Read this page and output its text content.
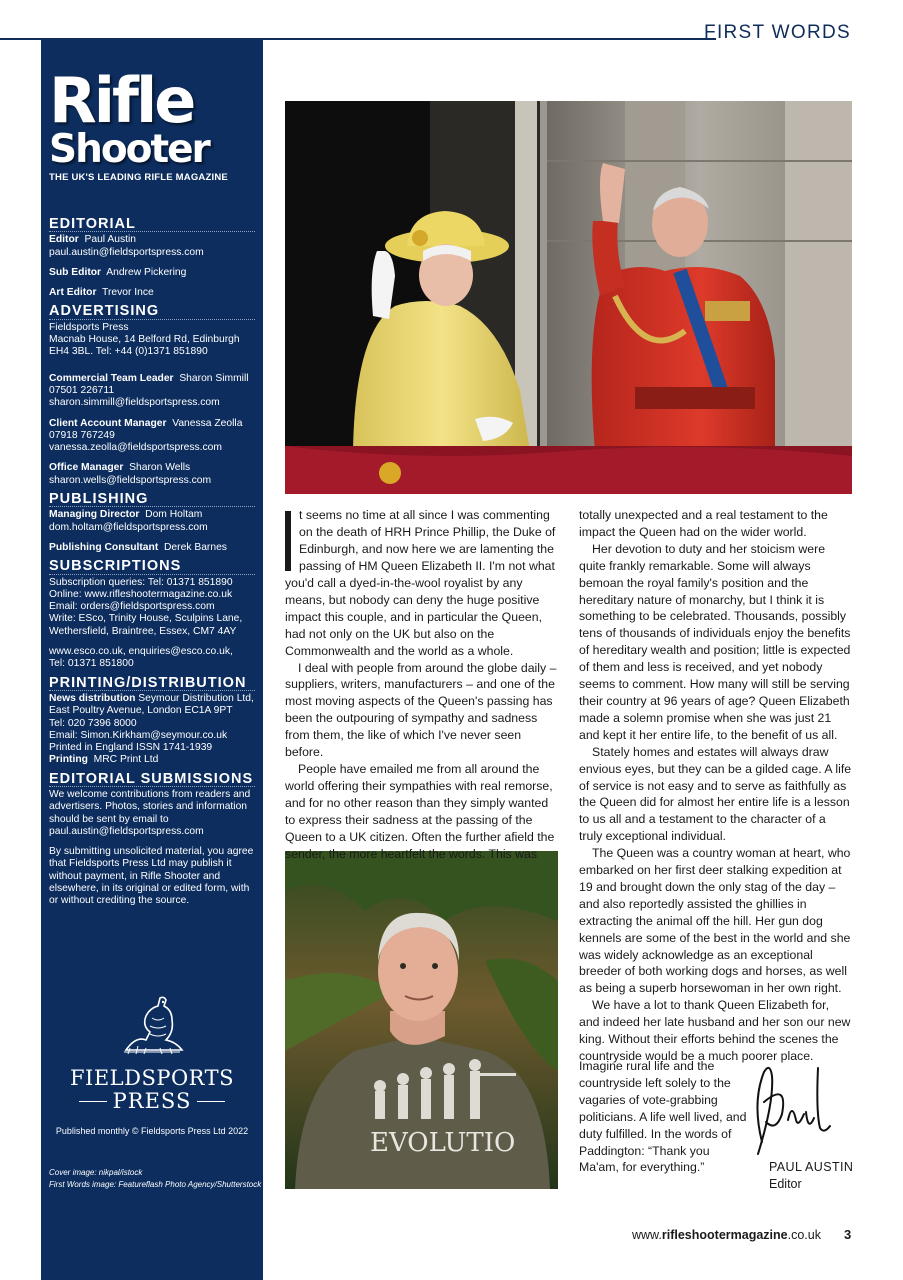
FIRST WORDS
Rifle
Shooter
THE UK'S LEADING RIFLE MAGAZINE
EDITORIAL

Editor Paul Austin
paul.austin@fieldsportspress.com

Sub Editor Andrew Pickering

Art Editor Trevor Ince

ADVERTISING

Fieldsports Press
Macnab House, 14 Belford Rd, Edinburgh
EH4 3BL. Tel: +44 (0)1371 851890

Commercial Team Leader Sharon Simmill
07501 226711
sharon.simmill@fieldsportspress.com

Client Account Manager Vanessa Zeolla
07918 767249
vanessa.zeolla@fieldsportspress.com

Office Manager Sharon Wells
sharon.wells@fieldsportspress.com

PUBLISHING

Managing Director Dom Holtam
dom.holtam@fieldsportspress.com

Publishing Consultant Derek Barnes

SUBSCRIPTIONS

Subscription queries: Tel: 01371 851890
Online: www.rifleshootermagazine.co.uk
Email: orders@fieldsportspress.com
Write: ESco, Trinity House, Sculpins Lane,
Wethersfield, Braintree, Essex, CM7 4AY

www.esco.co.uk, enquiries@esco.co.uk,
Tel: 01371 851800

PRINTING/DISTRIBUTION

News distribution Seymour Distribution Ltd, East Poultry Avenue, London EC1A 9PT
Tel: 020 7396 8000
Email: Simon.Kirkham@seymour.co.uk
Printed in England ISSN 1741-1939
Printing MRC Print Ltd

EDITORIAL SUBMISSIONS

We welcome contributions from readers and advertisers. Photos, stories and information should be sent by email to paul.austin@fieldsportspress.com

By submitting unsolicited material, you agree that Fieldsports Press Ltd may publish it without payment, in Rifle Shooter and elsewhere, in its original or edited form, with or without crediting the source.

FIELDSPORTS
PRESS
Published monthly © Fieldsports Press Ltd 2022
Cover image: nikpal/istock
First Words image: Featureflash Photo Agency/Shutterstock
EVOLUTIO
t seems no time at all since I was commenting on the death of HRH Prince Phillip, the Duke of Edinburgh, and now here we are lamenting the passing of HM Queen Elizabeth II. I'm not what

you'd call a dyed-in-the-wool royalist by any means, but nobody can deny the huge positive impact this couple, and in particular the Queen, had not only on the UK but also on the Commonwealth and the world as a whole.

I deal with people from around the globe daily – suppliers, writers, manufacturers – and one of the most moving aspects of the Queen's passing has been the outpouring of sympathy and sadness from them, the like of which I've never seen before.

People have emailed me from all around the world offering their sympathies with real remorse, and for no other reason than they simply wanted to express their sadness at the passing of the Queen to a UK citizen. Often the further afield the sender, the more heartfelt the words. This was

totally unexpected and a real testament to the impact the Queen had on the wider world.

Her devotion to duty and her stoicism were quite frankly remarkable. Some will always bemoan the royal family's position and the hereditary nature of monarchy, but I think it is something to be celebrated. Thousands, possibly tens of thousands of individuals enjoy the benefits of hereditary wealth and position; little is expected of them and less is received, and yet nobody seems to comment. How many will still be serving their country at 96 years of age? Queen Elizabeth made a solemn promise when she was just 21 and kept it her entire life, to the benefit of us all.

Stately homes and estates will always draw envious eyes, but they can be a gilded cage. A life of service is not easy and to serve as faithfully as the Queen did for almost her entire life is a lesson to us all and a testament to the character of a truly exceptional individual.

The Queen was a country woman at heart, who embarked on her first deer stalking expedition at 19 and brought down the only stag of the day – and also reportedly assisted the ghillies in extracting the animal off the hill. Her gun dog kennels are some of the best in the world and she was widely acknowledge as an exceptional breeder of both working dogs and horses, as well as being a superb horsewoman in her own right.

We have a lot to thank Queen Elizabeth for, and indeed her late husband and her son our new king. Without their efforts behind the scenes the countryside would be a much poorer place.

Imagine rural life and the countryside left solely to the vagaries of vote-grabbing politicians. A life well lived, and duty fulfilled. In the words of Paddington: “Thank you Ma'am, for everything.”	PAUL AUSTIN
Editor
www.rifleshootermagazine.co.uk 3
